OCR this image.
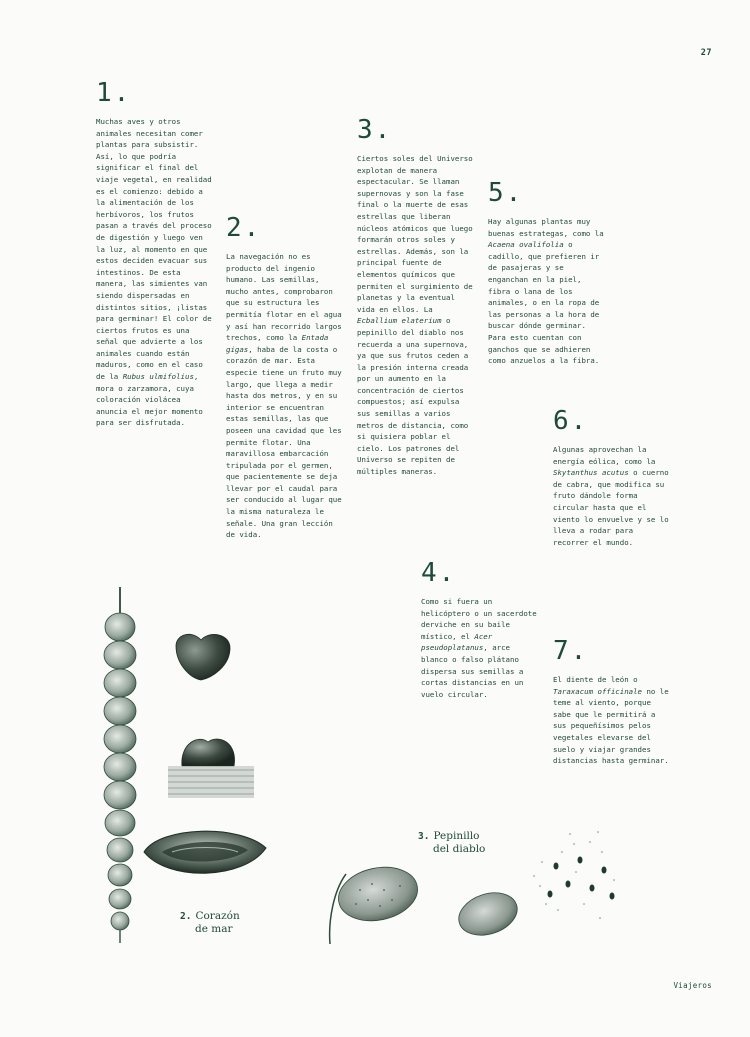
27
1.

Muchas aves y otros animales necesitan comer plantas para subsistir. Así, lo que podría significar el final del viaje vegetal, en realidad es el comienzo: debido a la alimentación de los herbívoros, los frutos pasan a través del proceso de digestión y luego ven la luz, al momento en que estos deciden evacuar sus intestinos. De esta manera, las simientes van siendo dispersadas en distintos sitios, ¡listas para germinar! El color de ciertos frutos es una señal que advierte a los animales cuando están maduros, como en el caso de la Rubus ulmifolius, mora o zarzamora, cuya coloración violácea anuncia el mejor momento para ser disfrutada.

2.

La navegación no es producto del ingenio humano. Las semillas, mucho antes, comprobaron que su estructura les permitía flotar en el agua y así han recorrido largos trechos, como la Entada gigas, haba de la costa o corazón de mar. Esta especie tiene un fruto muy largo, que llega a medir hasta dos metros, y en su interior se encuentran estas semillas, las que poseen una cavidad que les permite flotar. Una maravillosa embarcación tripulada por el germen, que pacientemente se deja llevar por el caudal para ser conducido al lugar que la misma naturaleza le señale. Una gran lección de vida.

3.

Ciertos soles del Universo explotan de manera espectacular. Se llaman supernovas y son la fase final o la muerte de esas estrellas que liberan núcleos atómicos que luego formarán otros soles y estrellas. Además, son la principal fuente de elementos químicos que permiten el surgimiento de planetas y la eventual vida en ellos. La Ecballium elaterium o pepinillo del diablo nos recuerda a una supernova, ya que sus frutos ceden a la presión interna creada por un aumento en la concentración de ciertos compuestos; así expulsa sus semillas a varios metros de distancia, como si quisiera poblar el cielo. Los patrones del Universo se repiten de múltiples maneras.

4.

Como si fuera un helicóptero o un sacerdote derviche en su baile místico, el Acer pseudoplatanus, arce blanco o falso plátano dispersa sus semillas a cortas distancias en un vuelo circular.

5.

Hay algunas plantas muy buenas estrategas, como la Acaena ovalifolia o cadillo, que prefieren ir de pasajeras y se enganchan en la piel, fibra o lana de los animales, o en la ropa de las personas a la hora de buscar dónde germinar. Para esto cuentan con ganchos que se adhieren como anzuelos a la fibra.

6.

Algunas aprovechan la energía eólica, como la Skytanthus acutus o cuerno de cabra, que modifica su fruto dándole forma circular hasta que el viento lo envuelve y se lo lleva a rodar para recorrer el mundo.

7.

El diente de león o Taraxacum officinale no le teme al viento, porque sabe que le permitirá a sus pequeñísimos pelos vegetales elevarse del suelo y viajar grandes distancias hasta germinar.

2. Corazón
de mar
3. Pepinillo
del diablo
Viajeros
